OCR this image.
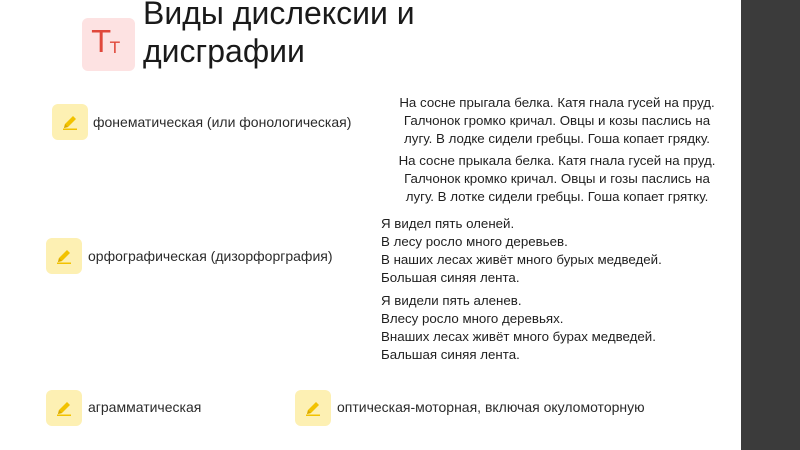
T T
Виды дислексии и
дисграфии
фонематическая (или фонологическая)
орфографическая (дизорфорграфия)
аграмматическая	оптическая-моторная, включая окуломоторную
На сосне прыгала белка. Катя гнала гусей на пруд.
Галчонок громко кричал. Овцы и козы паслись на
лугу. В лодке сидели гребцы. Гоша копает грядку.
На сосне прыкала белка. Катя гнала гусей на пруд.
Галчонок кромко кричал. Овцы и гозы паслись на
лугу. В лотке сидели гребцы. Гоша копает грятку.
Я видел пять оленей.
В лесу росло много деревьев.
В наших лесах живёт много бурых медведей.
Большая синяя лента.
Я видели пять аленев.
Влесу росло много деревьях.
Внаших лесах живёт много бурах медведей.
Бальшая синяя лента.
